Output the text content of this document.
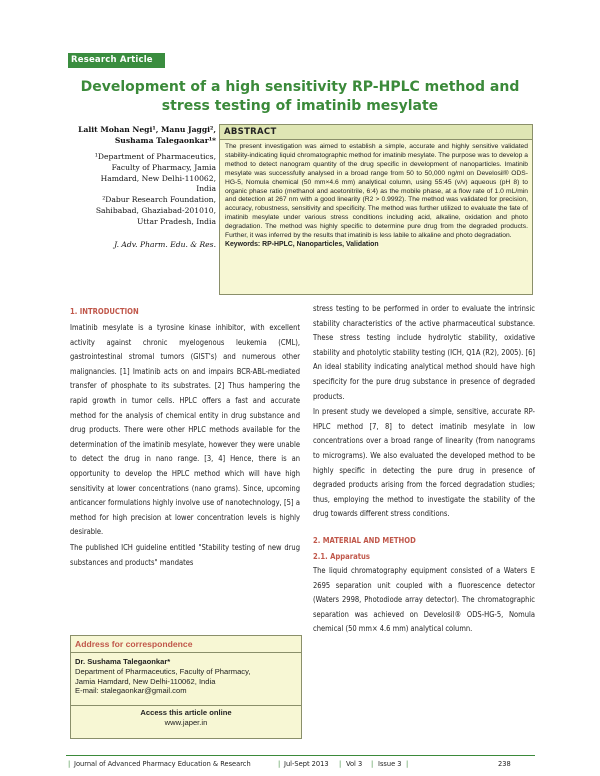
Research Article
Development of a high sensitivity RP-HPLC method and stress testing of imatinib mesylate
Lalit Mohan Negi¹, Manu Jaggi², Sushama Talegaonkar¹*
¹Department of Pharmaceutics,
Faculty of Pharmacy, Jamia
Hamdard, New Delhi-110062,
India
²Dabur Research Foundation,
Sahibabad, Ghaziabad-201010,
Uttar Pradesh, India
J. Adv. Pharm. Edu. & Res.
ABSTRACT
The present investigation was aimed to establish a simple, accurate and highly sensitive validated stability-indicating liquid chromatographic method for imatinib mesylate. The purpose was to develop a method to detect nanogram quantity of the drug specific in development of nanoparticles. Imatinib mesylate was successfully analysed in a broad range from 50 to 50,000 ng/ml on Develosil® ODS-HG-5, Nomula chemical (50 mm×4.6 mm) analytical column, using 55:45 (v/v) aqueous (pH 8) to organic phase ratio (methanol and acetonitrile, 6:4) as the mobile phase, at a flow rate of 1.0 mL/min and detection at 267 nm with a good linearity (R2 > 0.9992). The method was validated for precision, accuracy, robustness, sensitivity and specificity. The method was further utilized to evaluate the fate of imatinib mesylate under various stress conditions including acid, alkaline, oxidation and photo degradation. The method was highly specific to determine pure drug from the degraded products. Further, it was inferred by the results that imatinib is less labile to alkaline and photo degradation.
Keywords: RP-HPLC, Nanoparticles, Validation
1. INTRODUCTION

Imatinib mesylate is a tyrosine kinase inhibitor, with excellent activity against chronic myelogenous leukemia (CML), gastrointestinal stromal tumors (GIST's) and numerous other malignancies. [1] Imatinib acts on and impairs BCR-ABL-mediated transfer of phosphate to its substrates. [2] Thus hampering the rapid growth in tumor cells. HPLC offers a fast and accurate method for the analysis of chemical entity in drug substance and drug products. There were other HPLC methods available for the determination of the imatinib mesylate, however they were unable to detect the drug in nano range. [3, 4] Hence, there is an opportunity to develop the HPLC method which will have high sensitivity at lower concentrations (nano grams). Since, upcoming anticancer formulations highly involve use of nanotechnology, [5] a method for high precision at lower concentration levels is highly desirable.

The published ICH guideline entitled "Stability testing of new drug substances and products" mandates

stress testing to be performed in order to evaluate the intrinsic stability characteristics of the active pharmaceutical substance. These stress testing include hydrolytic stability, oxidative stability and photolytic stability testing (ICH, Q1A (R2), 2005). [6] An ideal stability indicating analytical method should have high specificity for the pure drug substance in presence of degraded products.

In present study we developed a simple, sensitive, accurate RP-HPLC method [7, 8] to detect imatinib mesylate in low concentrations over a broad range of linearity (from nanograms to micrograms). We also evaluated the developed method to be highly specific in detecting the pure drug in presence of degraded products arising from the forced degradation studies; thus, employing the method to investigate the stability of the drug towards different stress conditions.

2. MATERIAL AND METHOD
2.1. Apparatus

The liquid chromatography equipment consisted of a Waters E 2695 separation unit coupled with a fluorescence detector (Waters 2998, Photodiode array detector). The chromatographic separation was achieved on Develosil® ODS-HG-5, Nomula chemical (50 mm× 4.6 mm) analytical column.

Address for correspondence
Dr. Sushama Talegaonkar*
Department of Pharmaceutics, Faculty of Pharmacy,
Jamia Hamdard, New Delhi-110062, India
E-mail: stalegaonkar@gmail.com
Access this article online
www.japer.in
| Journal of Advanced Pharmacy Education & Research	| Jul-Sept 2013 | Vol 3 | Issue 3 |	238
